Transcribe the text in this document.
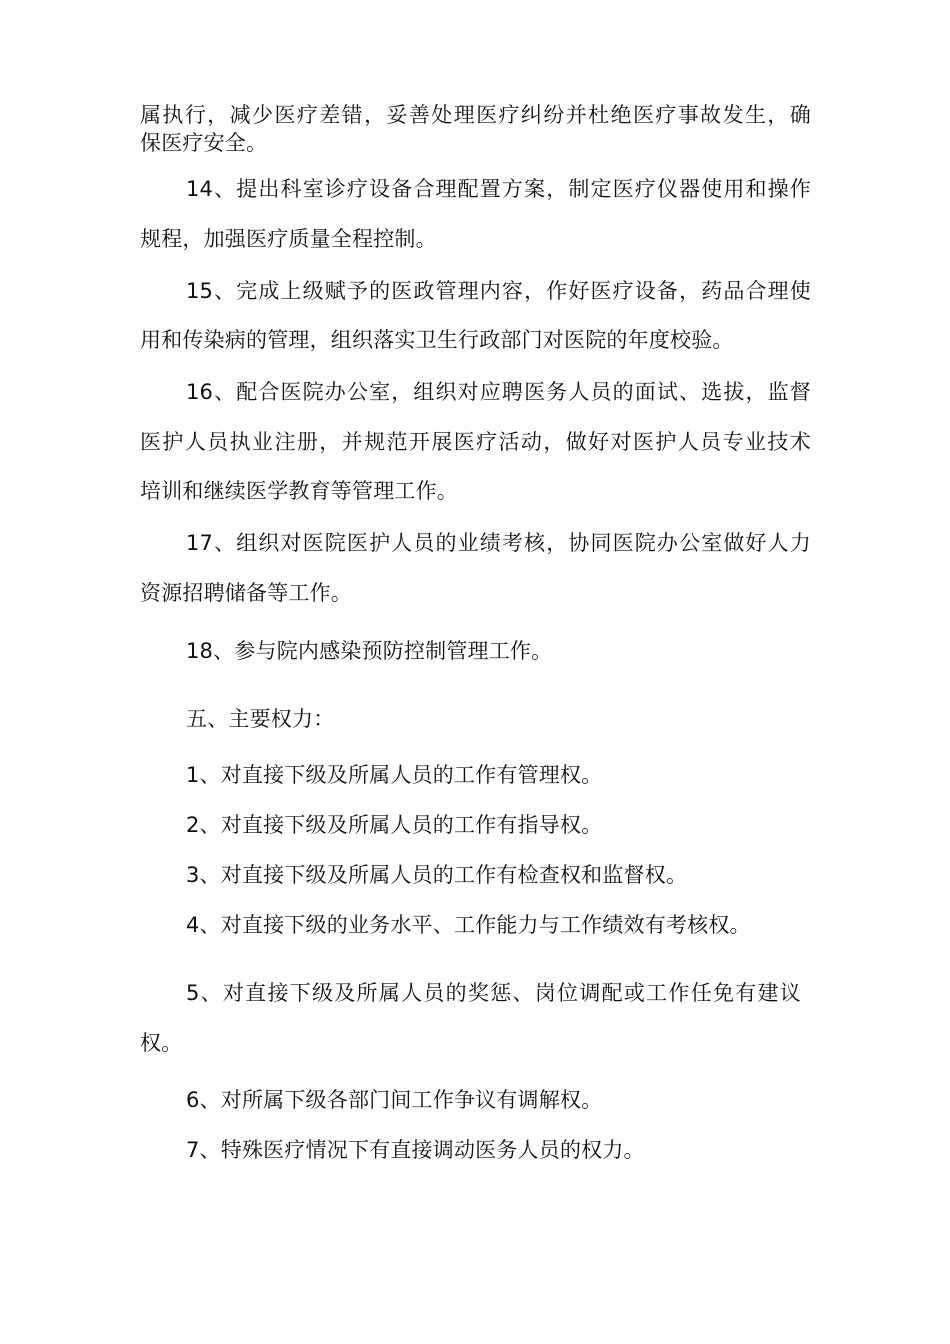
属执行，减少医疗差错，妥善处理医疗纠纷并杜绝医疗事故发生，确
保医疗安全。
14、提出科室诊疗设备合理配置方案，制定医疗仪器使用和操作
规程，加强医疗质量全程控制。
15、完成上级赋予的医政管理内容，作好医疗设备，药品合理使
用和传染病的管理，组织落实卫生行政部门对医院的年度校验。
16、配合医院办公室，组织对应聘医务人员的面试、选拔，监督
医护人员执业注册，并规范开展医疗活动，做好对医护人员专业技术
培训和继续医学教育等管理工作。
17、组织对医院医护人员的业绩考核，协同医院办公室做好人力
资源招聘储备等工作。
18、参与院内感染预防控制管理工作。
五、主要权力：
1、对直接下级及所属人员的工作有管理权。
2、对直接下级及所属人员的工作有指导权。
3、对直接下级及所属人员的工作有检查权和监督权。
4、对直接下级的业务水平、工作能力与工作绩效有考核权。
5、对直接下级及所属人员的奖惩、岗位调配或工作任免有建议
权。
6、对所属下级各部门间工作争议有调解权。
7、特殊医疗情况下有直接调动医务人员的权力。
